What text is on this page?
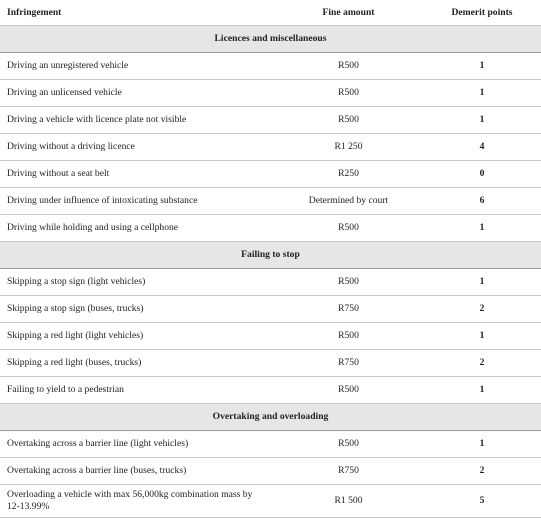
Infringement	Fine amount	Demerit points
Licences and miscellaneous		
Driving an unregistered vehicle	R500	1
Driving an unlicensed vehicle	R500	1
Driving a vehicle with licence plate not visible	R500	1
Driving without a driving licence	R1 250	4
Driving without a seat belt	R250	0
Driving under influence of intoxicating substance	Determined by court	6
Driving while holding and using a cellphone	R500	1
Failing to stop		
Skipping a stop sign (light vehicles)	R500	1
Skipping a stop sign (buses, trucks)	R750	2
Skipping a red light (light vehicles)	R500	1
Skipping a red light (buses, trucks)	R750	2
Failing to yield to a pedestrian	R500	1
Overtaking and overloading		
Overtaking across a barrier line (light vehicles)	R500	1
Overtaking across a barrier line (buses, trucks)	R750	2
Overloading a vehicle with max 56,000kg combination mass by 12-13.99%	R1 500	5
